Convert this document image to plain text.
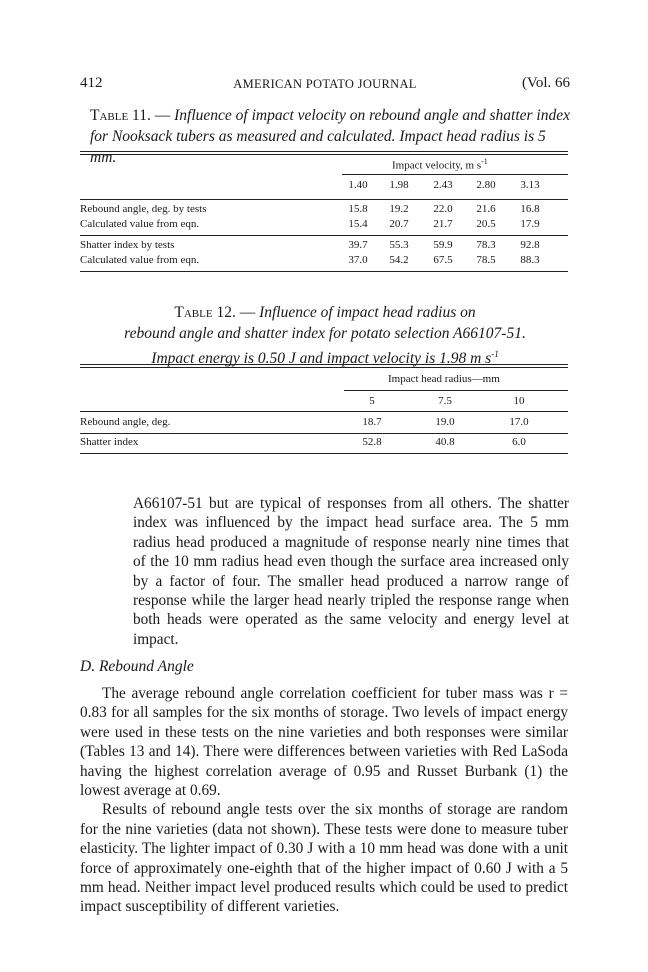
412	AMERICAN POTATO JOURNAL	(Vol. 66
Table 11. — Influence of impact velocity on rebound angle and shatter index
for Nooksack tubers as measured and calculated. Impact head radius is 5 mm.	Impact velocity, m $s^{-1}$
1.40	1.98	2.43	2.80	3.13
Rebound angle, deg. by tests	15.8	19.2	22.0	21.6	16.8
Calculated value from eqn.	15.4	20.7	21.7	20.5	17.9
Shatter index by tests	39.7	55.3	59.9	78.3	92.8
Calculated value from eqn.	37.0	54.2	67.5	78.5	88.3
Table 12. — Influence of impact head radius on
rebound angle and shatter index for potato selection A66107-51.
Impact energy is 0.50 J and impact velocity is 1.98 m $s^{-1}$
Impact head radius—mm
5	7.5	10
Rebound angle, deg.	18.7	19.0	17.0
Shatter index	52.8	40.8	6.0

A66107-51 but are typical of responses from all others. The shatter index was influenced by the impact head surface area. The 5 mm radius head produced a magnitude of response nearly nine times that of the 10 mm radius head even though the surface area increased only by a factor of four. The smaller head produced a narrow range of response while the larger head nearly tripled the response range when both heads were operated as the same velocity and energy level at impact.

D. Rebound Angle

The average rebound angle correlation coefficient for tuber mass was r = 0.83 for all samples for the six months of storage. Two levels of impact energy were used in these tests on the nine varieties and both responses were similar (Tables 13 and 14). There were differences between varieties with Red LaSoda having the highest correlation average of 0.95 and Russet Burbank (1) the lowest average at 0.69.

Results of rebound angle tests over the six months of storage are random for the nine varieties (data not shown). These tests were done to measure tuber elasticity. The lighter impact of 0.30 J with a 10 mm head was done with a unit force of approximately one-eighth that of the higher impact of 0.60 J with a 5 mm head. Neither impact level produced results which could be used to predict impact susceptibility of different varieties.
